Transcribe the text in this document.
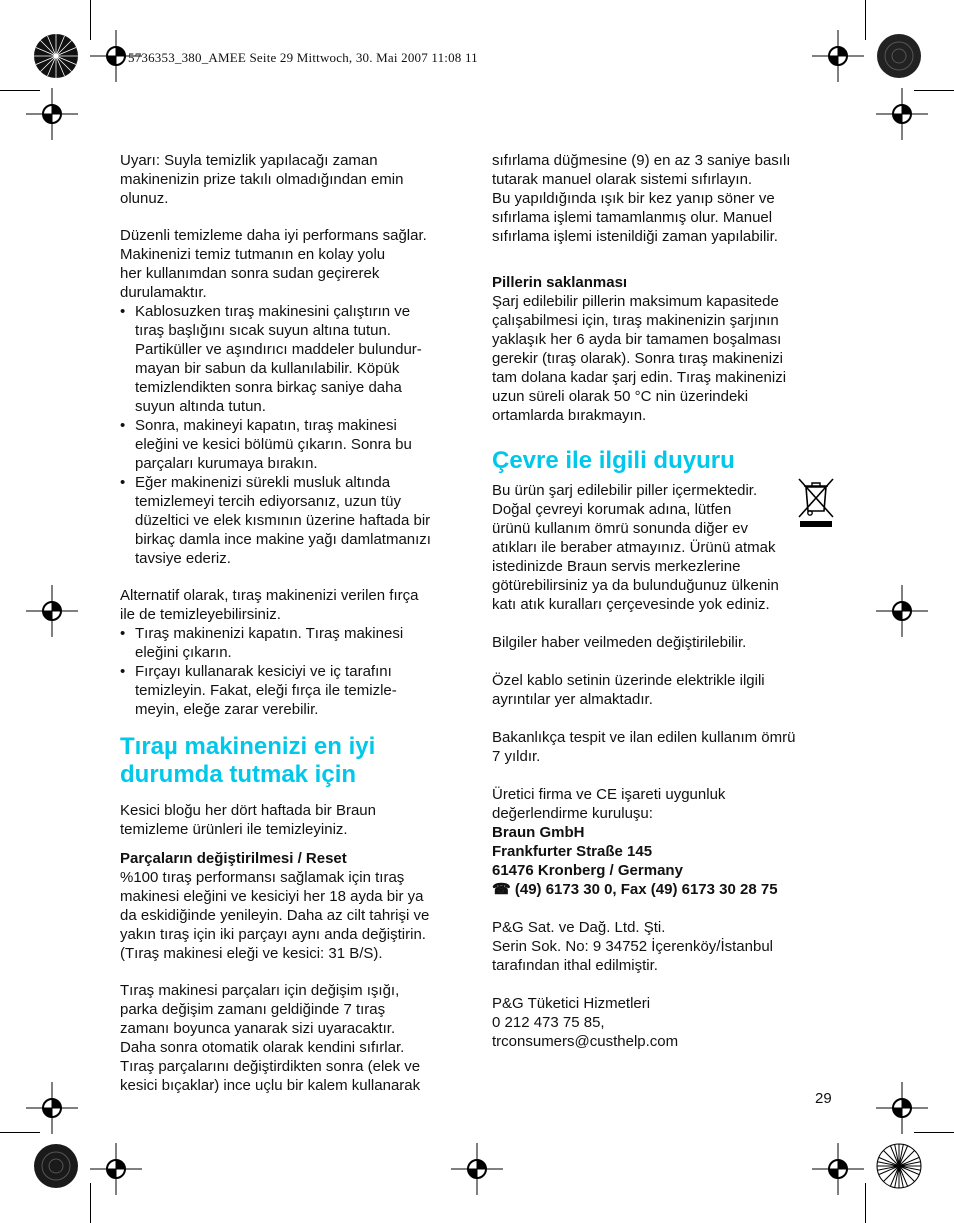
5736353_380_AMEE Seite 29 Mittwoch, 30. Mai 2007 11:08 11

Uyarı: Suyla temizlik yapılacağı zaman
makinenizin prize takılı olmadığından emin
olunuz.

Düzenli temizleme daha iyi performans sağlar.
Makinenizi temiz tutmanın en kolay yolu
her kullanımdan sonra sudan geçirerek
durulamaktır.

• Kablosuzken tıraş makinesini çalıştırın ve
tıraş başlığını sıcak suyun altına tutun.
Partiküller ve aşındırıcı maddeler bulundur-
mayan bir sabun da kullanılabilir. Köpük
temizlendikten sonra birkaç saniye daha
suyun altında tutun.
• Sonra, makineyi kapatın, tıraş makinesi
eleğini ve kesici bölümü çıkarın. Sonra bu
parçaları kurumaya bırakın.
• Eğer makinenizi sürekli musluk altında
temizlemeyi tercih ediyorsanız, uzun tüy
düzeltici ve elek kısmının üzerine haftada bir
birkaç damla ince makine yağı damlatmanızı
tavsiye ederiz.

Alternatif olarak, tıraş makinenizi verilen fırça
ile de temizleyebilirsiniz.

• Tıraş makinenizi kapatın. Tıraş makinesi
eleğini çıkarın.
• Fırçayı kullanarak kesiciyi ve iç tarafını
temizleyin. Fakat, eleği fırça ile temizle-
meyin, eleğe zarar verebilir.
Tıraµ makinenizi en iyi
durumda tutmak için

Kesici bloğu her dört haftada bir Braun
temizleme ürünleri ile temizleyiniz.

Parçaların değiştirilmesi / Reset

%100 tıraş performansı sağlamak için tıraş
makinesi eleğini ve kesiciyi her 18 ayda bir ya
da eskidiğinde yenileyin. Daha az cilt tahrişi ve
yakın tıraş için iki parçayı aynı anda değiştirin.
(Tıraş makinesi eleği ve kesici: 31 B/S).

Tıraş makinesi parçaları için değişim ışığı,
parka değişim zamanı geldiğinde 7 tıraş
zamanı boyunca yanarak sizi uyaracaktır.
Daha sonra otomatik olarak kendini sıfırlar.
Tıraş parçalarını değiştirdikten sonra (elek ve
kesici bıçaklar) ince uçlu bir kalem kullanarak

sıfırlama düğmesine (9) en az 3 saniye basılı
tutarak manuel olarak sistemi sıfırlayın.
Bu yapıldığında ışık bir kez yanıp söner ve
sıfırlama işlemi tamamlanmış olur. Manuel
sıfırlama işlemi istenildiği zaman yapılabilir.

Pillerin saklanması

Şarj edilebilir pillerin maksimum kapasitede
çalışabilmesi için, tıraş makinenizin şarjının
yaklaşık her 6 ayda bir tamamen boşalması
gerekir (tıraş olarak). Sonra tıraş makinenizi
tam dolana kadar şarj edin. Tıraş makinenizi
uzun süreli olarak 50 °C nin üzerindeki
ortamlarda bırakmayın.

Çevre ile ilgili duyuru

Bu ürün şarj edilebilir piller içermektedir.
Doğal çevreyi korumak adına, lütfen
ürünü kullanım ömrü sonunda diğer ev
atıkları ile beraber atmayınız. Ürünü atmak
istedinizde Braun servis merkezlerine
götürebilirsiniz ya da bulunduğunuz ülkenin
katı atık kuralları çerçevesinde yok ediniz.

Bilgiler haber veilmeden değiştirilebilir.

Özel kablo setinin üzerinde elektrikle ilgili
ayrıntılar yer almaktadır.

Bakanlıkça tespit ve ilan edilen kullanım ömrü
7 yıldır.

Üretici firma ve CE işareti uygunluk
değerlendirme kuruluşu:
Braun GmbH
Frankfurter Straße 145
61476 Kronberg / Germany
☎ (49) 6173 30 0, Fax (49) 6173 30 28 75

P&G Sat. ve Dağ. Ltd. Şti.
Serin Sok. No: 9 34752 İçerenköy/İstanbul
tarafından ithal edilmiştir.

P&G Tüketici Hizmetleri
0 212 473 75 85,
trconsumers@custhelp.com

29
